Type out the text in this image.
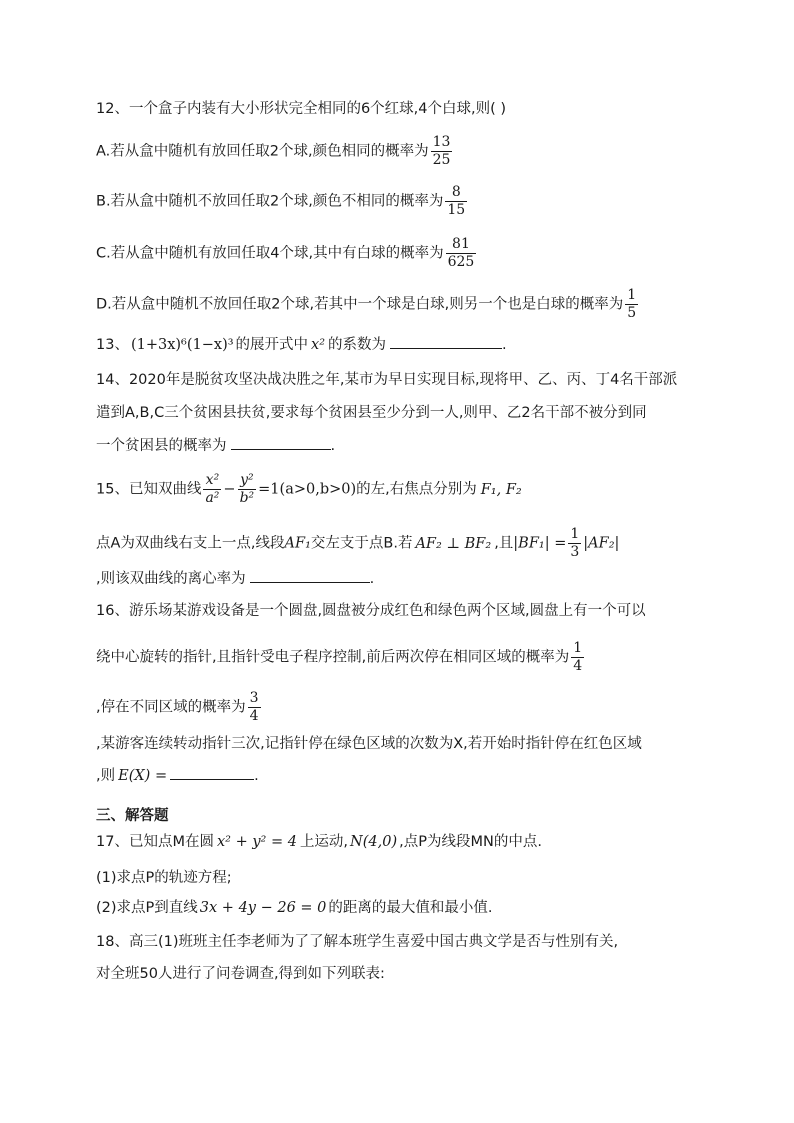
12、一个盒子内装有大小形状完全相同的6个红球,4个白球,则( )
A.若从盒中随机有放回任取2个球,颜色相同的概率为 $\frac{13}{25}$
B.若从盒中随机不放回任取2个球,颜色不相同的概率为 $\frac{8}{15}$
C.若从盒中随机有放回任取4个球,其中有白球的概率为 $\frac{81}{625}$
D.若从盒中随机不放回任取2个球,若其中一个球是白球,则另一个也是白球的概率为 $\frac{1}{5}$
13、 (1+3x)⁶(1−x)³ 的展开式中 x² 的系数为	.
14、2020年是脱贫攻坚决战决胜之年,某市为早日实现目标,现将甲、乙、丙、丁4名干部派
遣到A,B,C三个贫困县扶贫,要求每个贫困县至少分到一人,则甲、乙2名干部不被分到同
一个贫困县的概率为	.
15、已知双曲线 $\frac{\text{x²}}{\text{a²}} - \frac{\text{y²}}{\text{b²}} =1(a>0,b>0)$的左,右焦点分别为 F₁, F₂
点A为双曲线右支上一点,线段AF₁交左支于点B.若 AF₂ ⊥ BF₂ ,且$|BF_1| = \frac{1}{3} |AF_2|$
,则该双曲线的离心率为	.
16、游乐场某游戏设备是一个圆盘,圆盘被分成红色和绿色两个区域,圆盘上有一个可以
绕中心旋转的指针,且指针受电子程序控制,前后两次停在相同区域的概率为 $\frac{1}{4}$
,停在不同区域的概率为 $\frac{3}{4}$
,某游客连续转动指针三次,记指针停在绿色区域的次数为X,若开始时指针停在红色区域
,则 E(X) =	.
三、解答题
17、已知点M在圆 x² + y² = 4 上运动, N(4,0) ,点P为线段MN的中点.
(1)求点P的轨迹方程;
(2)求点P到直线 3x + 4y − 26 = 0 的距离的最大值和最小值.
18、高三(1)班班主任李老师为了了解本班学生喜爱中国古典文学是否与性别有关,
对全班50人进行了问卷调查,得到如下列联表:
